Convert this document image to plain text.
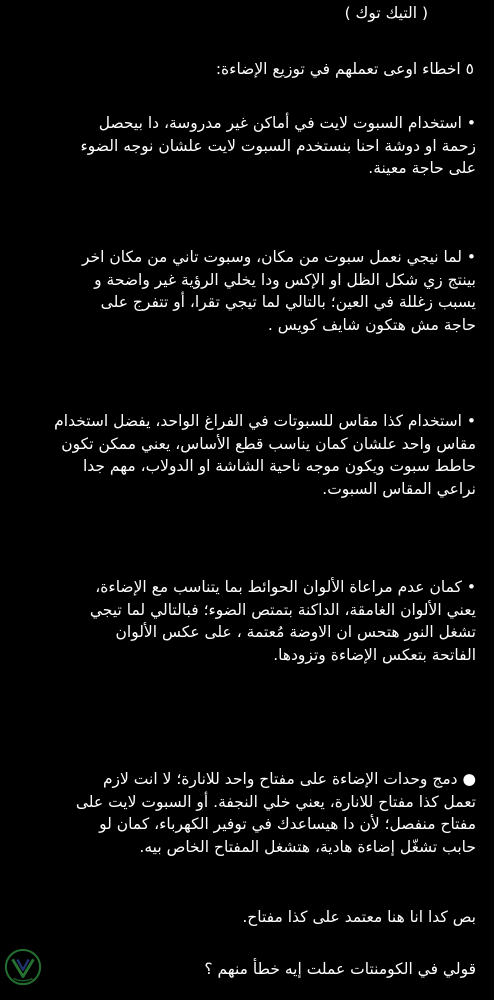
( التيك توك )

٥ اخطاء اوعى تعملهم في توزيع الإضاءة:

• استخدام السبوت لايت في أماكن غير مدروسة، دا بيحصل
زحمة او دوشة احنا بنستخدم السبوت لايت علشان نوجه الضوء
على حاجة معينة.
• لما نيجي نعمل سبوت من مكان، وسبوت تاني من مكان اخر
بينتج زي شكل الظل او الإكس ودا يخلي الرؤية غير واضحة و
يسبب زغللة في العين؛ بالتالي لما تيجي تقرا، أو تتفرج على
حاجة مش هتكون شايف كويس .
• استخدام كذا مقاس للسبوتات في الفراغ الواحد، يفضل استخدام
مقاس واحد علشان كمان يناسب قطع الأساس، يعني ممكن تكون
حاطط سبوت ويكون موجه ناحية الشاشة او الدولاب، مهم جدا
نراعي المقاس السبوت.
• كمان عدم مراعاة الألوان الحوائط بما يتناسب مع الإضاءة،
يعني الألوان الغامقة، الداكنة بتمتص الضوء؛ فبالتالي لما تيجي
تشغل النور هتحس ان الاوضة مُعتمة ، على عكس الألوان
الفاتحة بتعكس الإضاءة وتزودها.
● دمج وحدات الإضاءة على مفتاح واحد للانارة؛ لا انت لازم
تعمل كذا مفتاح للانارة، يعني خلي النجفة. أو السبوت لايت على
مفتاح منفصل؛ لأن دا هيساعدك في توفير الكهرباء، كمان لو
حابب تشغّل إضاءة هادية، هتشغل المفتاح الخاص بيه.
بص كدا انا هنا معتمد على كذا مفتاح.
قولي في الكومنتات عملت إيه خطأ منهم ؟
